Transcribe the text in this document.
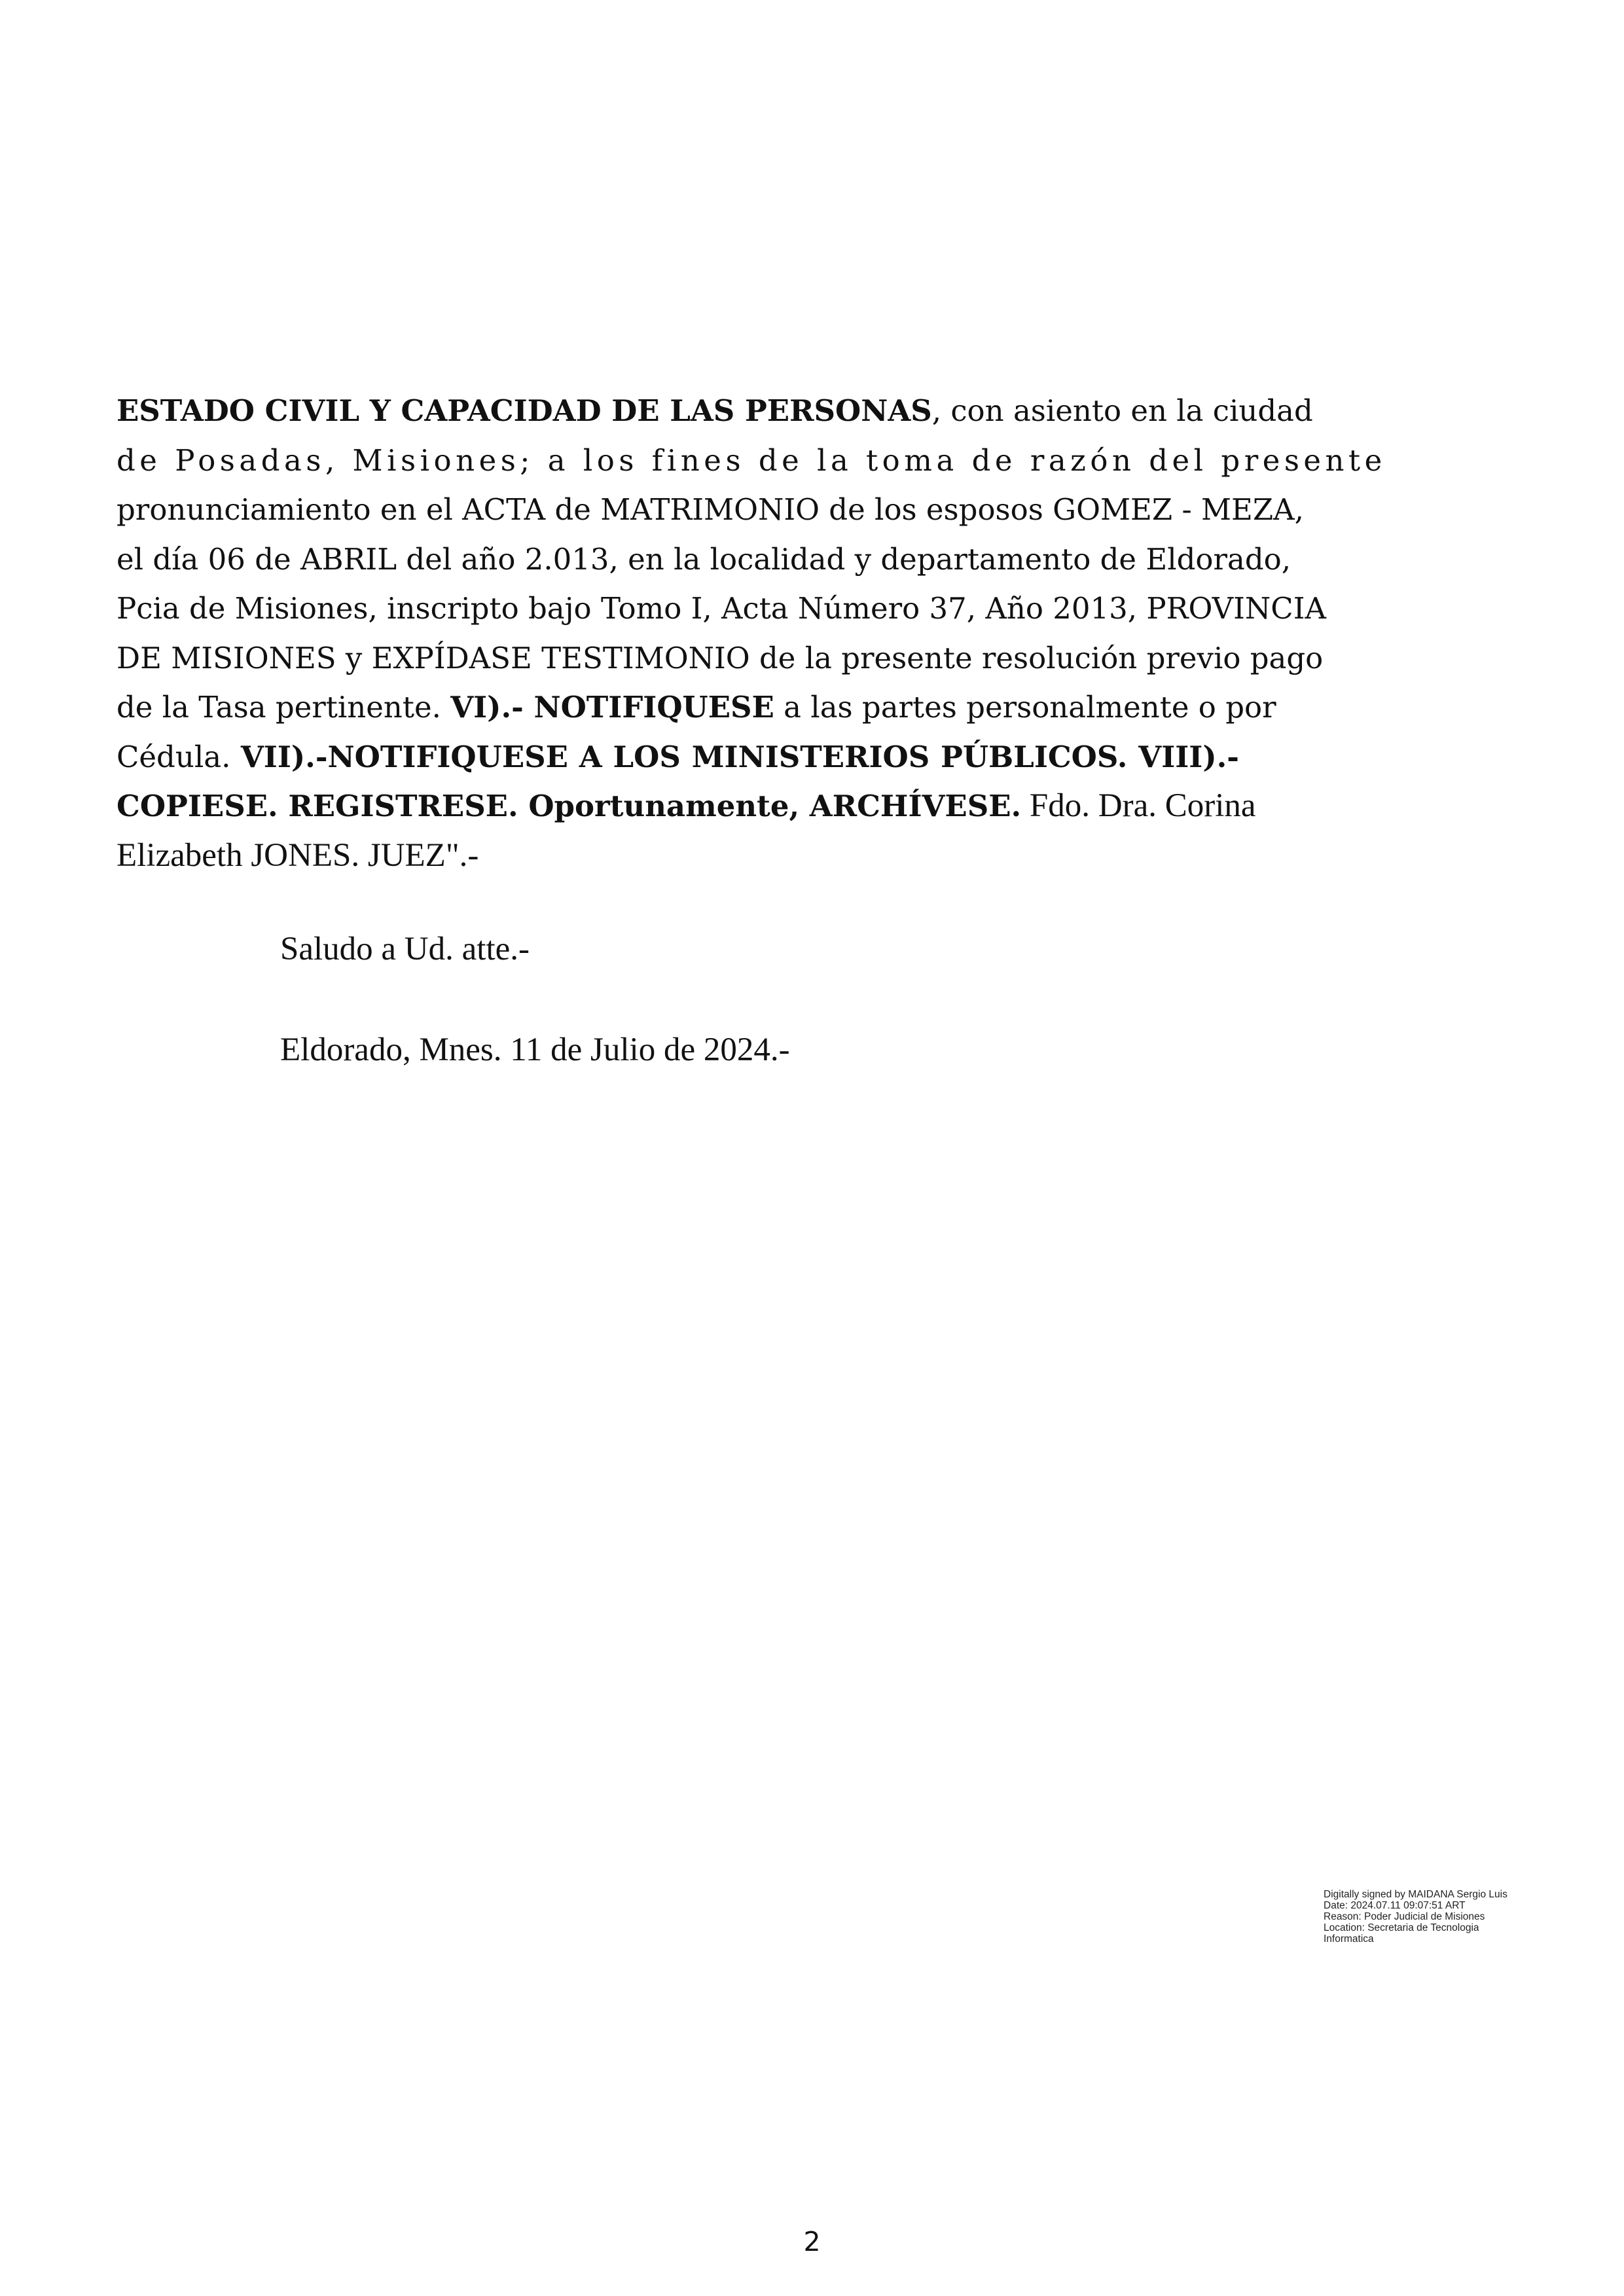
ESTADO CIVIL Y CAPACIDAD DE LAS PERSONAS, con asiento en la ciudad
de Posadas, Misiones; a los fines de la toma de razón del presente
pronunciamiento en el ACTA de MATRIMONIO de los esposos GOMEZ - MEZA,
el día 06 de ABRIL del año 2.013, en la localidad y departamento de Eldorado,
Pcia de Misiones, inscripto bajo Tomo I, Acta Número 37, Año 2013, PROVINCIA
DE MISIONES y EXPÍDASE TESTIMONIO de la presente resolución previo pago
de la Tasa pertinente. VI).- NOTIFIQUESE a las partes personalmente o por
Cédula. VII).-NOTIFIQUESE A LOS MINISTERIOS PÚBLICOS. VIII).-
COPIESE. REGISTRESE. Oportunamente, ARCHÍVESE. Fdo. Dra. Corina
Elizabeth JONES. JUEZ".-
Saludo a Ud. atte.-
Eldorado, Mnes. 11 de Julio de 2024.-
Digitally signed by MAIDANA Sergio Luis
Date: 2024.07.11 09:07:51 ART
Reason: Poder Judicial de Misiones
Location: Secretaria de Tecnologia
Informatica
2
